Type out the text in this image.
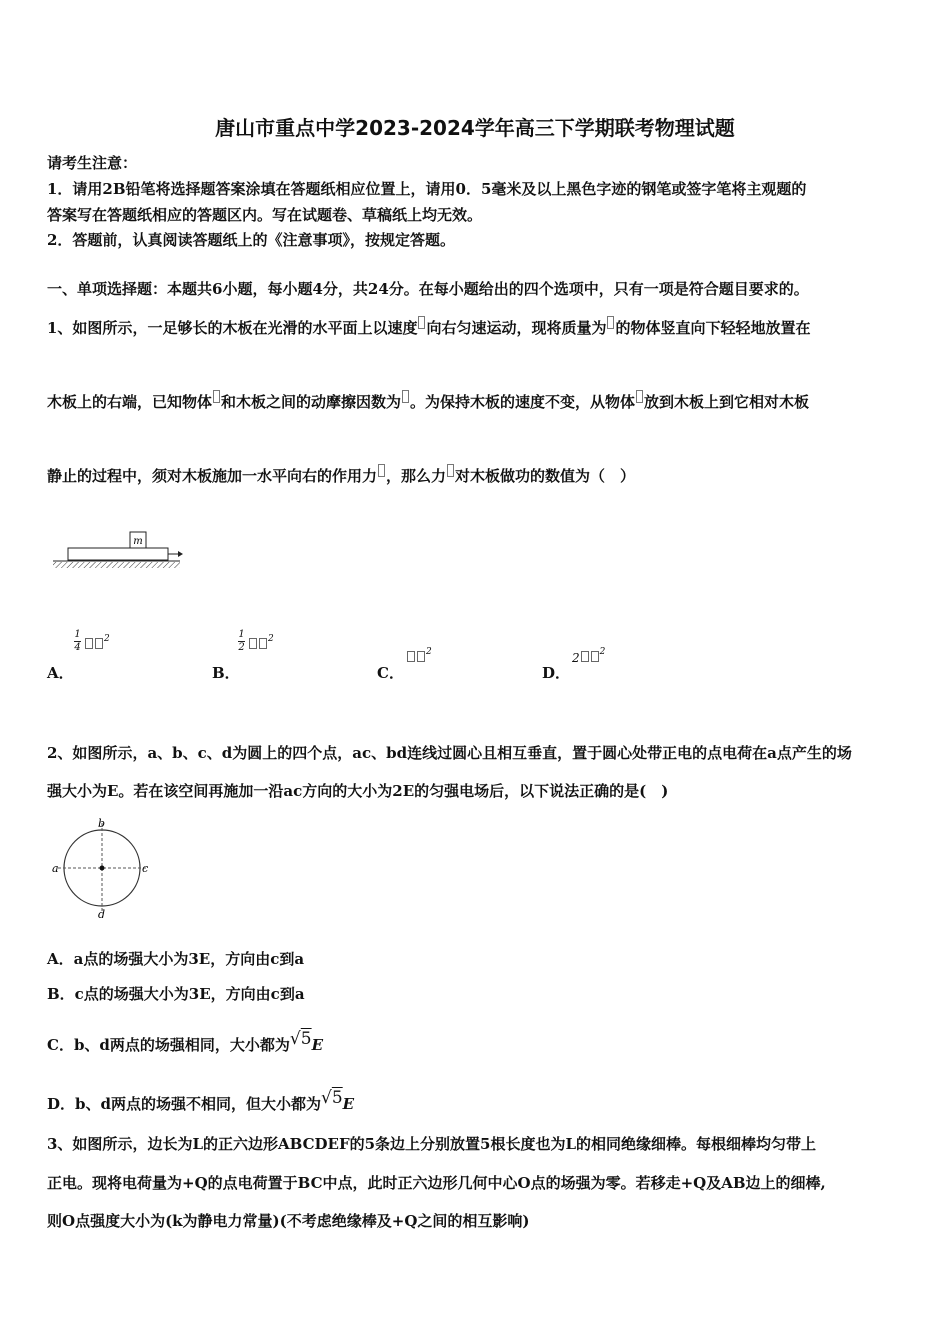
唐山市重点中学2023-2024学年高三下学期联考物理试题
请考生注意：
1．请用2B铅笔将选择题答案涂填在答题纸相应位置上，请用0．5毫米及以上黑色字迹的钢笔或签字笔将主观题的
答案写在答题纸相应的答题区内。写在试题卷、草稿纸上均无效。
2．答题前，认真阅读答题纸上的《注意事项》，按规定答题。
一、单项选择题：本题共6小题，每小题4分，共24分。在每小题给出的四个选项中，只有一项是符合题目要求的。
1、如图所示，一足够长的木板在光滑的水平面上以速度 向右匀速运动，现将质量为 的物体竖直向下轻轻地放置在
木板上的右端，已知物体 和木板之间的动摩擦因数为 。为保持木板的速度不变，从物体 放到木板上到它相对木板
静止的过程中，须对木板施加一水平向右的作用力 ，那么力 对木板做功的数值为（　）
m
A．
1
4
$^2$
B．
1
2
$^2$
C．
$^2$
D．
2 $^2$
2、如图所示，a、b、c、d为圆上的四个点，ac、bd连线过圆心且相互垂直，置于圆心处带正电的点电荷在a点产生的场
强大小为E。若在该空间再施加一沿ac方向的大小为2E的匀强电场后，以下说法正确的是(　)
a
b
c
d
A．a点的场强大小为3E，方向由c到a
B．c点的场强大小为3E，方向由c到a
C．b、d两点的场强相同，大小都为√5E
D．b、d两点的场强不相同，但大小都为√5E
3、如图所示，边长为L的正六边形ABCDEF的5条边上分别放置5根长度也为L的相同绝缘细棒。每根细棒均匀带上
正电。现将电荷量为+Q的点电荷置于BC中点，此时正六边形几何中心O点的场强为零。若移走+Q及AB边上的细棒,
则O点强度大小为(k为静电力常量)(不考虑绝缘棒及+Q之间的相互影响)
